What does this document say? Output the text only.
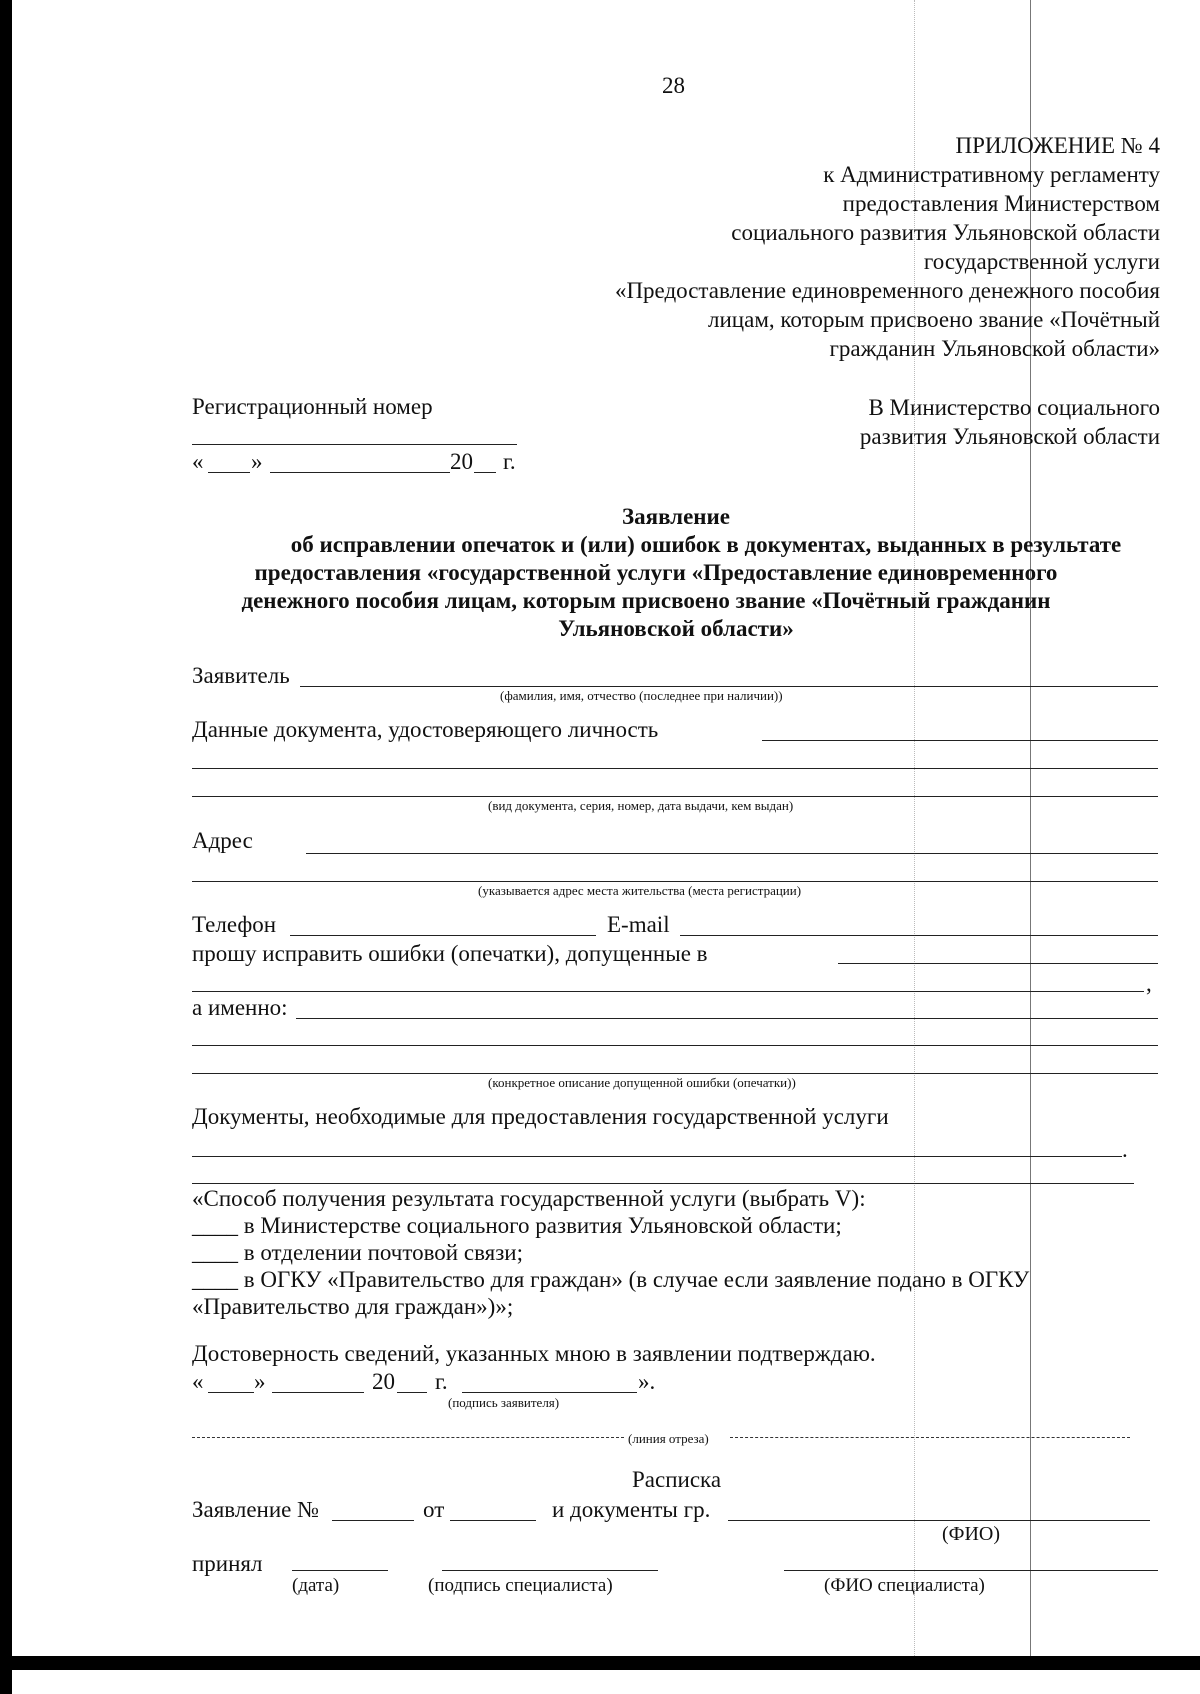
28
ПРИЛОЖЕНИЕ № 4
к Административному регламенту
предоставления Министерством
социального развития Ульяновской области
государственной услуги
«Предоставление единовременного денежного пособия
лицам, которым присвоено звание «Почётный
гражданин Ульяновской области»
Регистрационный номер
« »	20 г.
В Министерство социального
развития Ульяновской области
Заявление
об исправлении опечаток и (или) ошибок в документах, выданных в результате
предоставления «государственной услуги «Предоставление единовременного
денежного пособия лицам, которым присвоено звание «Почётный гражданин
Ульяновской области»
Заявитель
(фамилия, имя, отчество (последнее при наличии))
Данные документа, удостоверяющего личность
(вид документа, серия, номер, дата выдачи, кем выдан)
Адрес
(указывается адрес места жительства (места регистрации)
Телефон	E-mail
прошу исправить ошибки (опечатки), допущенные в
,
а именно:
(конкретное описание допущенной ошибки (опечатки))
Документы, необходимые для предоставления государственной услуги
.
«Способ получения результата государственной услуги (выбрать V):
____ в Министерстве социального развития Ульяновской области;
____ в отделении почтовой связи;
____ в ОГКУ «Правительство для граждан» (в случае если заявление подано в ОГКУ
«Правительство для граждан»)»;
Достоверность сведений, указанных мною в заявлении подтверждаю.
« »	20 г.	».
(подпись заявителя)
(линия отреза)
Расписка
Заявление №	от	и документы гр.
(ФИО)
принял
(дата)	(подпись специалиста)	(ФИО специалиста)
